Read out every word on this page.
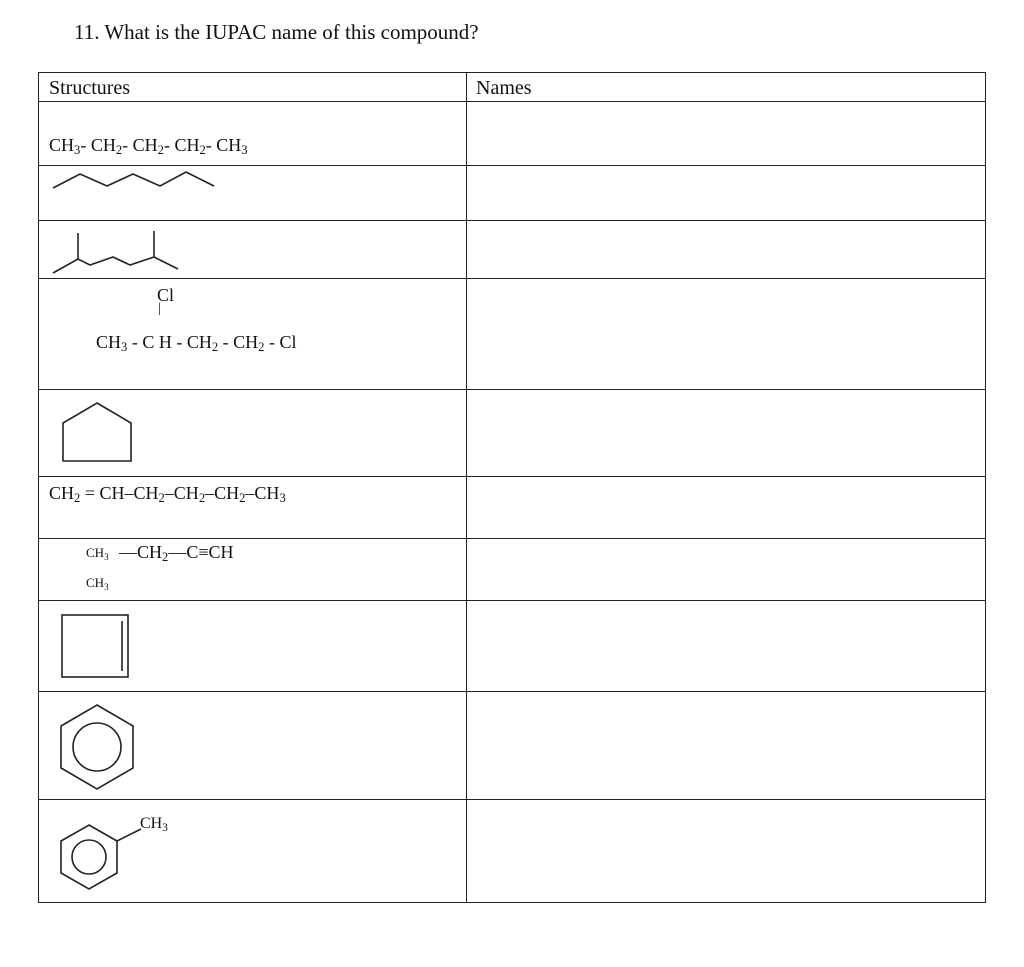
11. What is the IUPAC name of this compound?
Structures	Names
$CH_3-$ $CH_2-$ $CH_2-$ $CH_2-$ $CH_3$
Cl
|
$CH_3$ - C H - $CH_2 - CH_2$ - Cl
$CH_2 = CH-CH_2-CH_2-CH_2-CH_3$
$CH_3$ $—CH_2—C\equiv CH$
$CH_3$
$CH_3$
